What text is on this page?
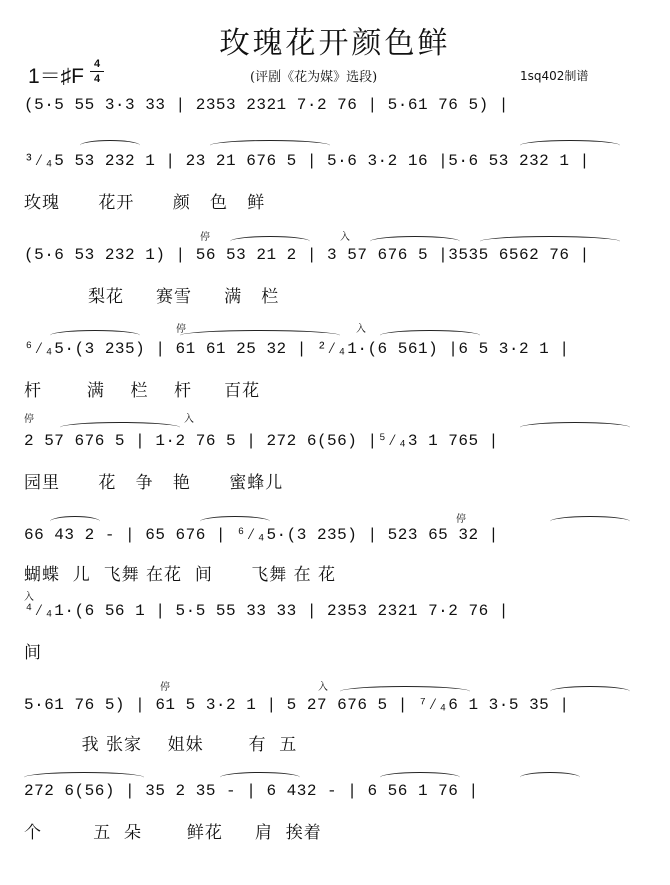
玫瑰花开颜色鲜
1＝♯F
4
4	(评剧《花为媒》选段)	1sq402制谱
(5·5 55 3·3 33 | 2353 2321 7·2 76 | 5·61 76 5) |
³⁄₄5 53 232 1 | 23 21 676 5 | 5·6 3·2 16 |5·6 53 232 1 |
玫瑰      花开      颜   色   鲜
停	入
(5·6 53 232 1) | 56 53 21 2 | 3 57 676 5 |3535 6562 76 |
梨花     赛雪     满   栏
停	入
⁶⁄₄5·(3 235) | 61 61 25 32 | ²⁄₄1·(6 561) |6 5 3·2 1 |
杆       满    栏    杆     百花
停	入
2 57 676 5 | 1·2 76 5 | 272 6(56) |⁵⁄₄3 1 765 |
园里      花   争   艳      蜜蜂儿
停
66 43 2 - | 65 676 | ⁶⁄₄5·(3 235) | 523 65 32 |
蝴蝶  儿  飞舞 在花  间      飞舞 在 花
入
⁴⁄₄1·(6 56 1 | 5·5 55 33 33 | 2353 2321 7·2 76 |
间
停	入
5·61 76 5) | 61 5 3·2 1 | 5 27 676 5 | ⁷⁄₄6 1 3·5 35 |
我 张家    姐妹       有  五
272 6(56) | 35 2 35 - | 6 432 - | 6 56 1 76 |
个        五  朵       鲜花     肩  挨着
